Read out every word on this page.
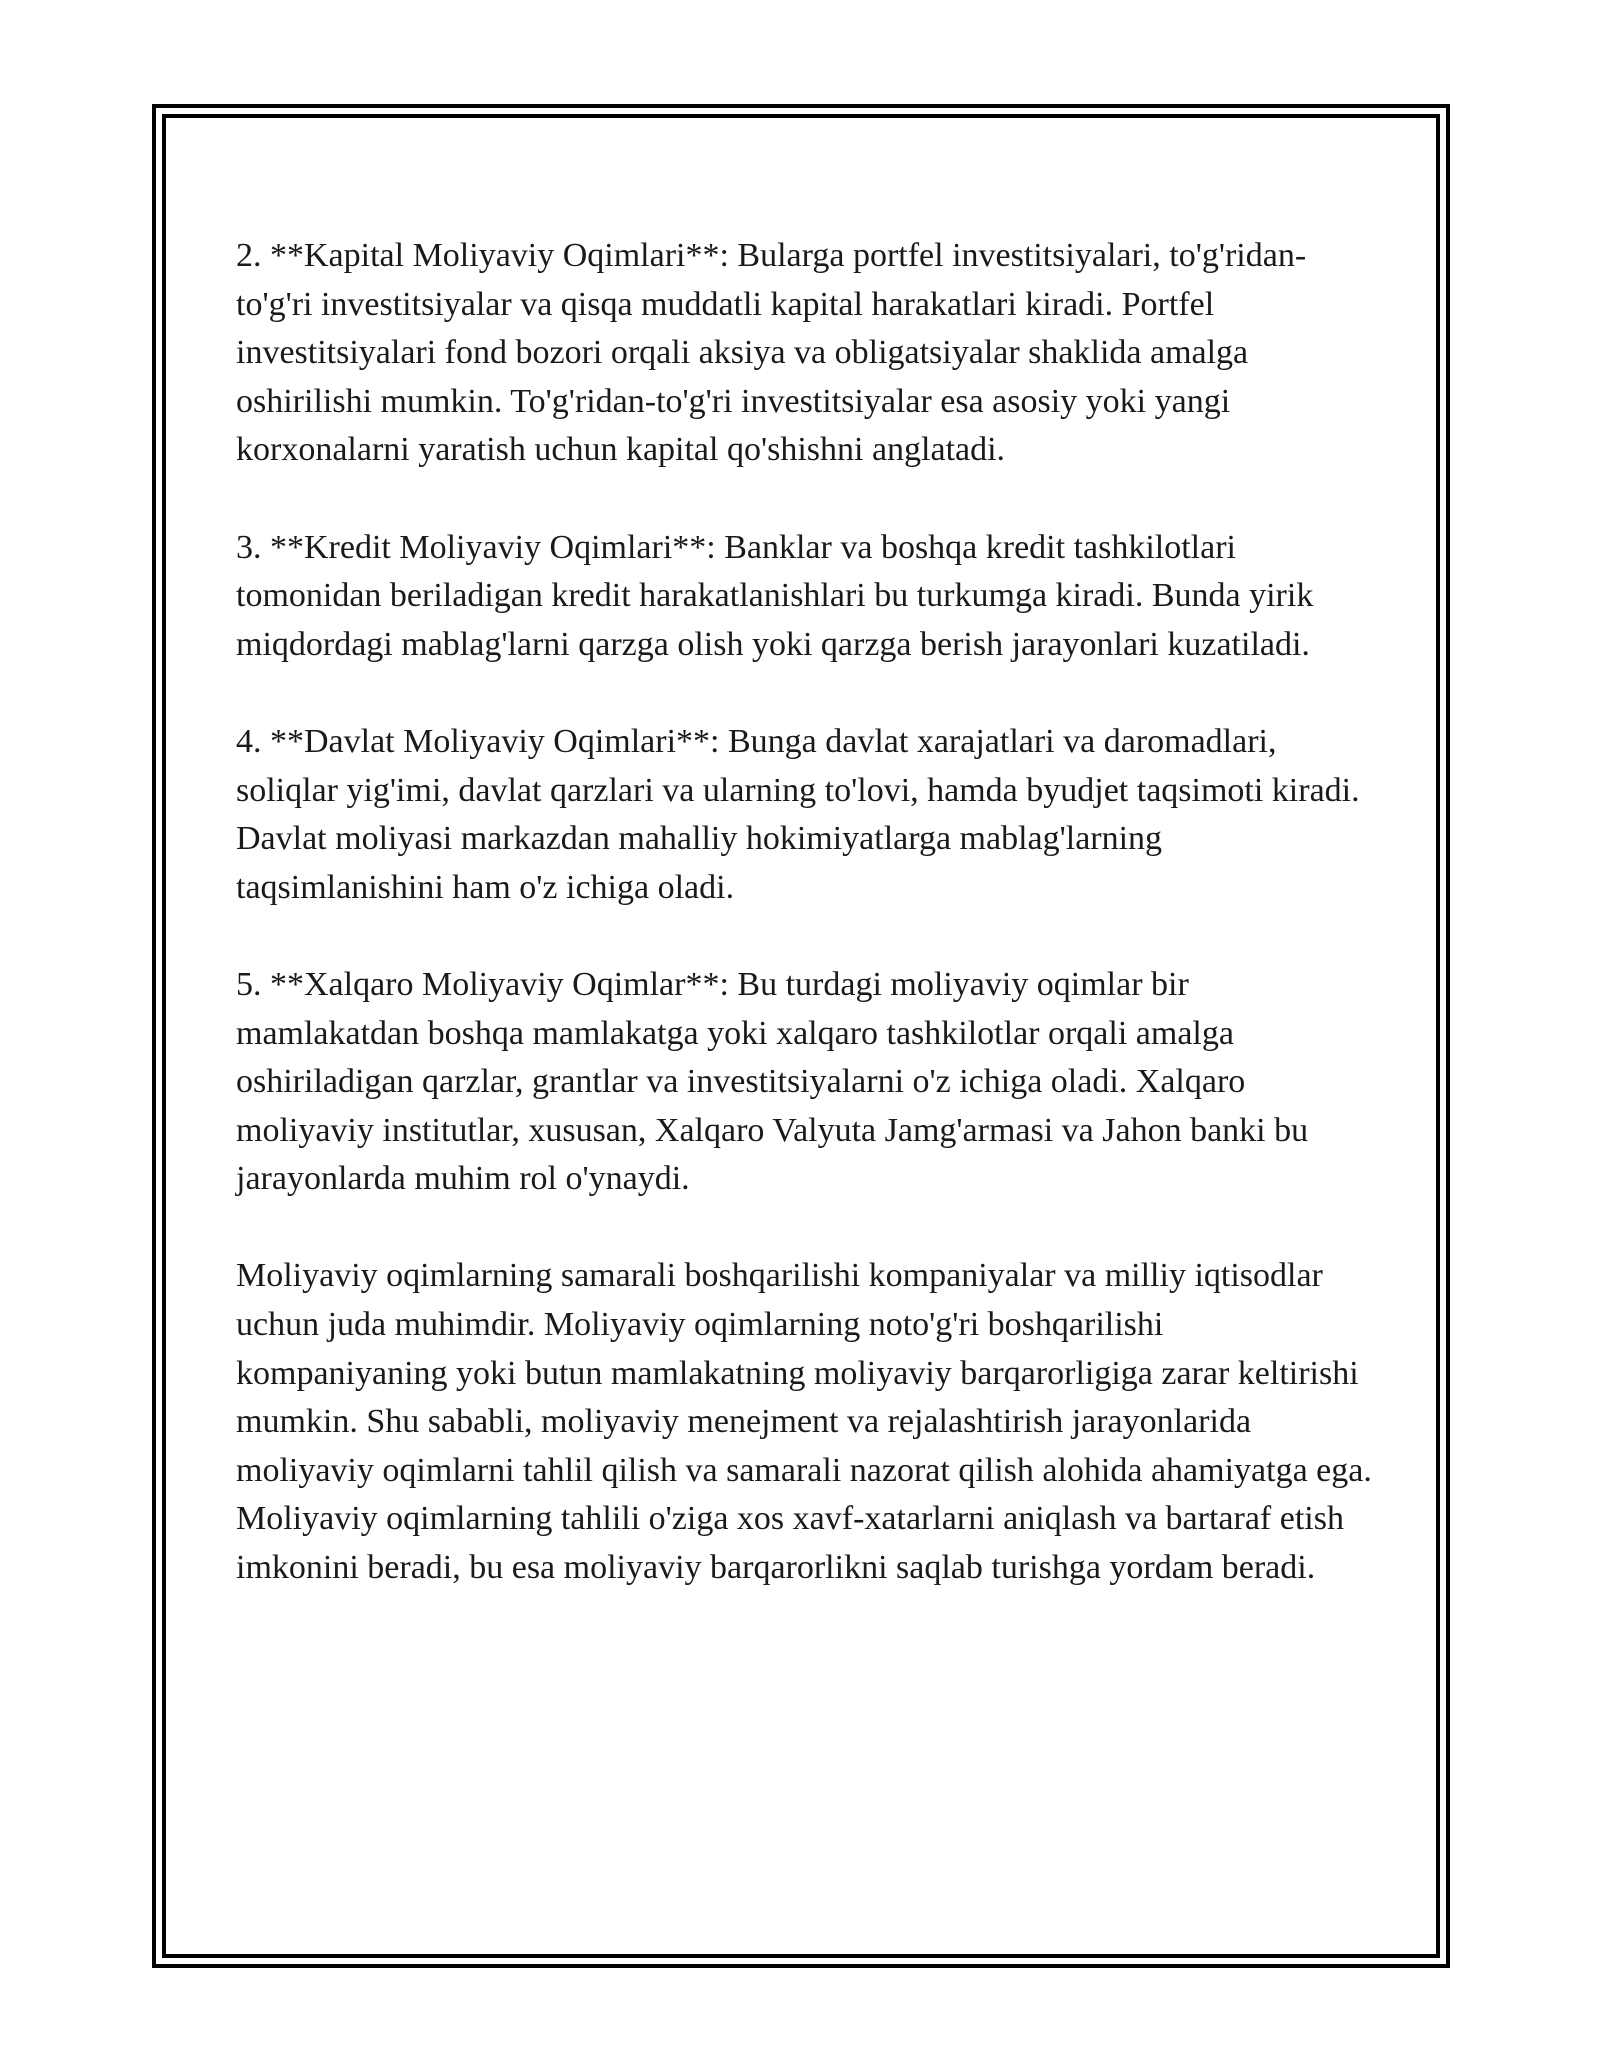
2. **Kapital Moliyaviy Oqimlari**: Bularga portfel investitsiyalari, to'g'ridan-to'g'ri investitsiyalar va qisqa muddatli kapital harakatlari kiradi. Portfel investitsiyalari fond bozori orqali aksiya va obligatsiyalar shaklida amalga oshirilishi mumkin. To'g'ridan-to'g'ri investitsiyalar esa asosiy yoki yangi korxonalarni yaratish uchun kapital qo'shishni anglatadi.

3. **Kredit Moliyaviy Oqimlari**: Banklar va boshqa kredit tashkilotlari tomonidan beriladigan kredit harakatlanishlari bu turkumga kiradi. Bunda yirik miqdordagi mablag'larni qarzga olish yoki qarzga berish jarayonlari kuzatiladi.

4. **Davlat Moliyaviy Oqimlari**: Bunga davlat xarajatlari va daromadlari, soliqlar yig'imi, davlat qarzlari va ularning to'lovi, hamda byudjet taqsimoti kiradi. Davlat moliyasi markazdan mahalliy hokimiyatlarga mablag'larning taqsimlanishini ham o'z ichiga oladi.

5. **Xalqaro Moliyaviy Oqimlar**: Bu turdagi moliyaviy oqimlar bir mamlakatdan boshqa mamlakatga yoki xalqaro tashkilotlar orqali amalga oshiriladigan qarzlar, grantlar va investitsiyalarni o'z ichiga oladi. Xalqaro moliyaviy institutlar, xususan, Xalqaro Valyuta Jamg'armasi va Jahon banki bu jarayonlarda muhim rol o'ynaydi.

Moliyaviy oqimlarning samarali boshqarilishi kompaniyalar va milliy iqtisodlar uchun juda muhimdir. Moliyaviy oqimlarning noto'g'ri boshqarilishi kompaniyaning yoki butun mamlakatning moliyaviy barqarorligiga zarar keltirishi mumkin. Shu sababli, moliyaviy menejment va rejalashtirish jarayonlarida moliyaviy oqimlarni tahlil qilish va samarali nazorat qilish alohida ahamiyatga ega. Moliyaviy oqimlarning tahlili o'ziga xos xavf-xatarlarni aniqlash va bartaraf etish imkonini beradi, bu esa moliyaviy barqarorlikni saqlab turishga yordam beradi.
